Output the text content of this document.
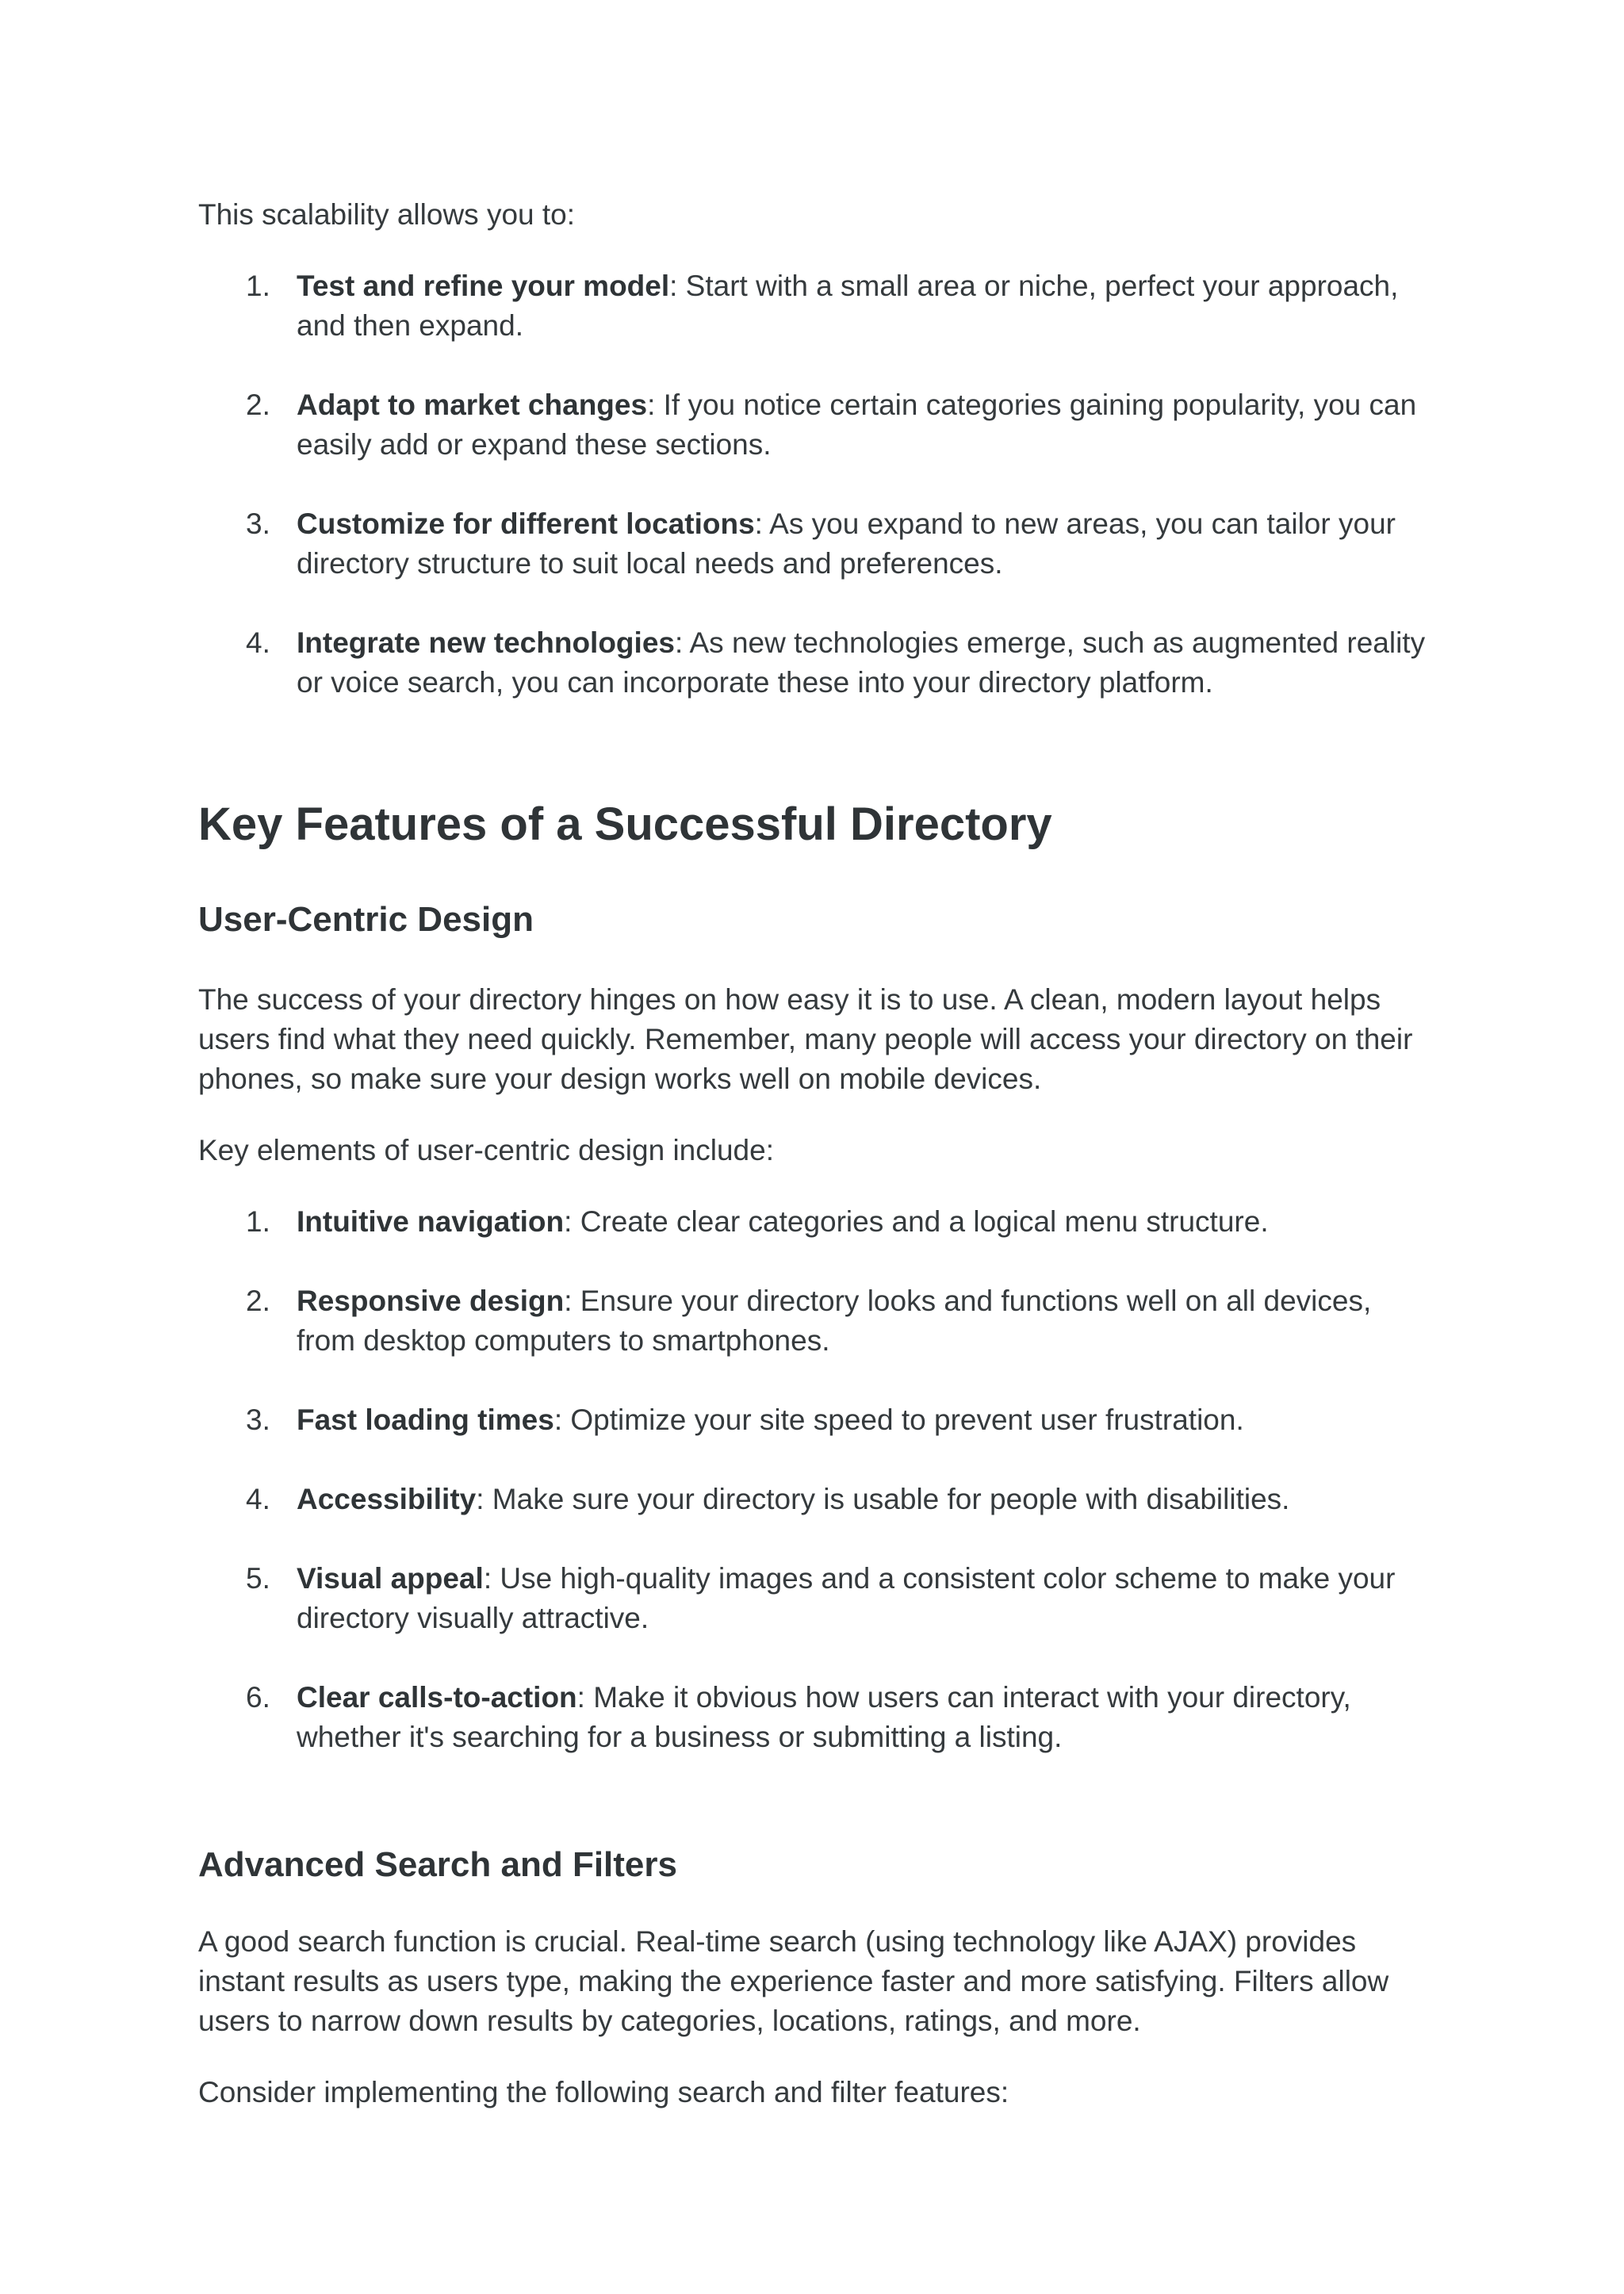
This scalability allows you to:

1. Test and refine your model: Start with a small area or niche, perfect your approach, and then expand.
2. Adapt to market changes: If you notice certain categories gaining popularity, you can easily add or expand these sections.
3. Customize for different locations: As you expand to new areas, you can tailor your directory structure to suit local needs and preferences.
4. Integrate new technologies: As new technologies emerge, such as augmented reality or voice search, you can incorporate these into your directory platform.
Key Features of a Successful Directory
User-Centric Design

The success of your directory hinges on how easy it is to use. A clean, modern layout helps users find what they need quickly. Remember, many people will access your directory on their phones, so make sure your design works well on mobile devices.

Key elements of user-centric design include:

1. Intuitive navigation: Create clear categories and a logical menu structure.
2. Responsive design: Ensure your directory looks and functions well on all devices, from desktop computers to smartphones.
3. Fast loading times: Optimize your site speed to prevent user frustration.
4. Accessibility: Make sure your directory is usable for people with disabilities.
5. Visual appeal: Use high-quality images and a consistent color scheme to make your directory visually attractive.
6. Clear calls-to-action: Make it obvious how users can interact with your directory, whether it's searching for a business or submitting a listing.
Advanced Search and Filters

A good search function is crucial. Real-time search (using technology like AJAX) provides instant results as users type, making the experience faster and more satisfying. Filters allow users to narrow down results by categories, locations, ratings, and more.

Consider implementing the following search and filter features:
